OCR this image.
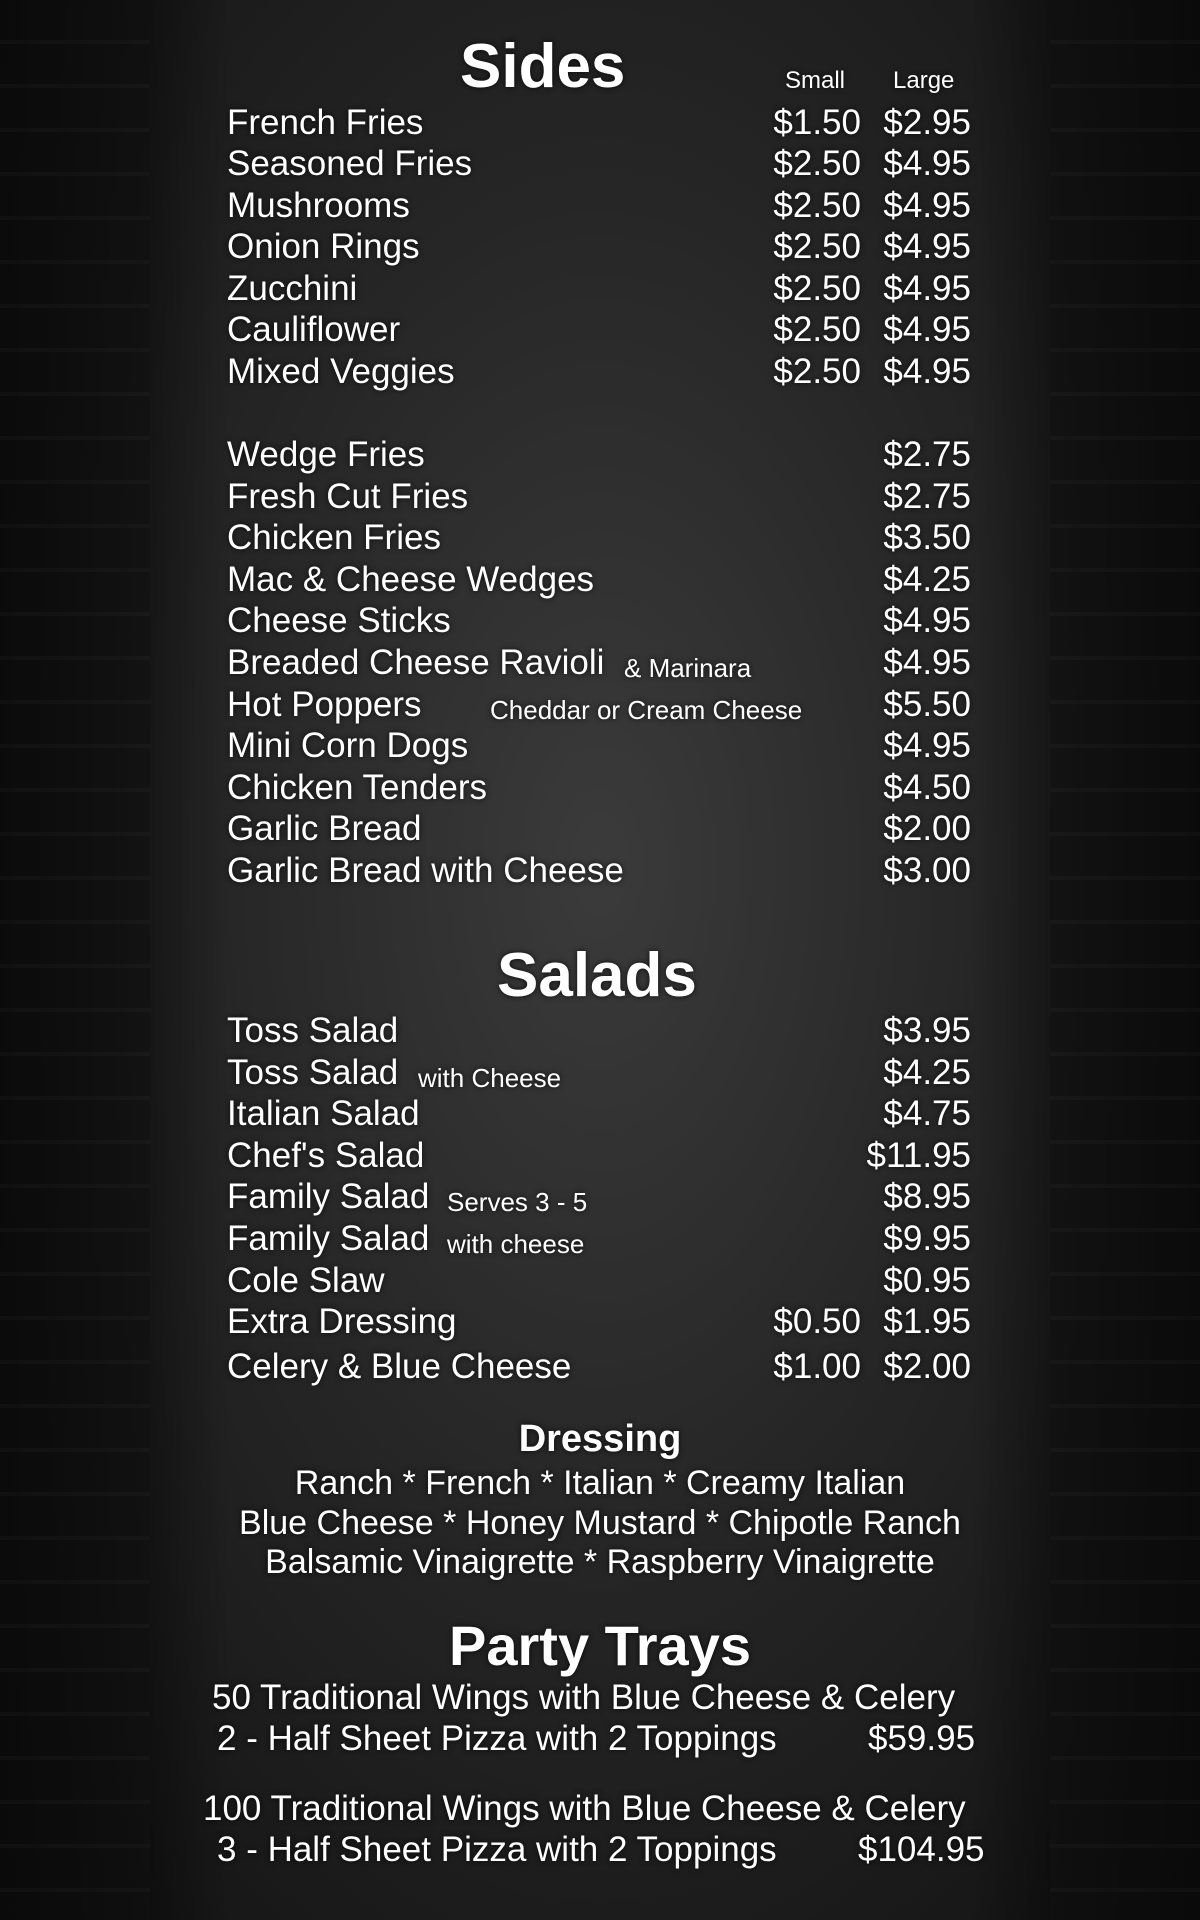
Sides	Small Large
French Fries	$1.50 $2.95
Seasoned Fries	$2.50 $4.95
Mushrooms	$2.50 $4.95
Onion Rings	$2.50 $4.95
Zucchini	$2.50 $4.95
Cauliflower	$2.50 $4.95
Mixed Veggies	$2.50 $4.95
Wedge Fries	$2.75
Fresh Cut Fries	$2.75
Chicken Fries	$3.50
Mac & Cheese Wedges	$4.25
Cheese Sticks	$4.95
Breaded Cheese Ravioli & Marinara	$4.95
Hot Poppers	Cheddar or Cream Cheese $5.50
Mini Corn Dogs	$4.95
Chicken Tenders	$4.50
Garlic Bread	$2.00
Garlic Bread with Cheese	$3.00
Salads
Toss Salad	$3.95
Toss Salad with Cheese	$4.25
Italian Salad	$4.75
Chef's Salad	$11.95
Family Salad Serves 3 - 5	$8.95
Family Salad with cheese	$9.95
Cole Slaw	$0.95
Extra Dressing	$0.50 $1.95
Celery & Blue Cheese	$1.00 $2.00
Dressing
Ranch * French * Italian * Creamy Italian
Blue Cheese * Honey Mustard * Chipotle Ranch
Balsamic Vinaigrette * Raspberry Vinaigrette
Party Trays
50 Traditional Wings with Blue Cheese & Celery
2 - Half Sheet Pizza with 2 Toppings	$59.95
100 Traditional Wings with Blue Cheese & Celery
3 - Half Sheet Pizza with 2 Toppings $104.95
